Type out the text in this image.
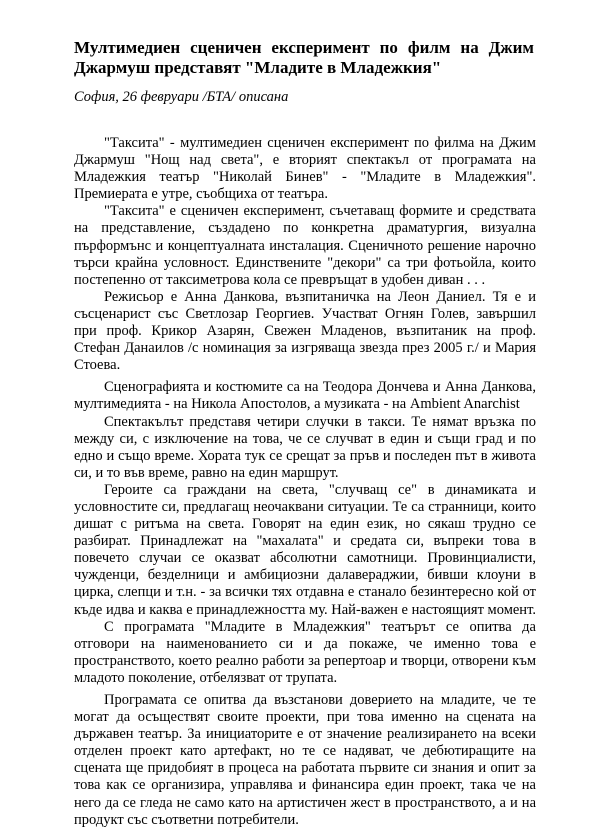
Мултимедиен сценичен експеримент по филм на Джим Джармуш представят "Младите в Младежкия"

София, 26 февруари /БТА/ описана

"Таксита" - мултимедиен сценичен експеримент по филма на Джим Джармуш "Нощ над света", е вторият спектакъл от програмата на Младежкия театър "Николай Бинев" - "Младите в Младежкия". Премиерата е утре, съобщиха от театъра.

"Таксита" е сценичен експеримент, съчетаващ формите и средствата на представление, създадено по конкретна драматургия, визуална пърформънс и концептуалната инсталация. Сценичното решение нарочно търси крайна условност. Единствените "декори" са три фотьойла, които постепенно от таксиметрова кола се превръщат в удобен диван . . .

Режисьор е Анна Данкова, възпитаничка на Леон Даниел. Тя е и съсценарист със Светлозар Георгиев. Участват Огнян Голев, завършил при проф. Крикор Азарян, Свежен Младенов, възпитаник на проф. Стефан Данаилов /с номинация за изгряваща звезда през 2005 г./ и Мария Стоева.

Сценографията и костюмите са на Теодора Дончева и Анна Данкова, мултимедията - на Никола Апостолов, а музиката - на Ambient Anarchist

Спектакълът представя четири случки в такси. Те нямат връзка по между си, с изключение на това, че се случват в един и същи град и по едно и също време. Хората тук се срещат за пръв и последен път в живота си, и то във време, равно на един маршрут.

Героите са граждани на света, "случващ се" в динамиката и условностите си, предлагащ неочаквани ситуации. Те са странници, които дишат с ритъма на света. Говорят на един език, но сякаш трудно се разбират. Принадлежат на "махалата" и средата си, въпреки това в повечето случаи се оказват абсолютни самотници. Провинциалисти, чужденци, безделници и амбициозни далавераджии, бивши клоуни в цирка, слепци и т.н. - за всички тях отдавна е станало безинтересно кой от къде идва и каква е принадлежността му. Най-важен е настоящият момент.

С програмата "Младите в Младежкия" театърът се опитва да отговори на наименованието си и да покаже, че именно това е пространството, което реално работи за репертоар и творци, отворени към младото поколение, отбелязват от трупата.

Програмата се опитва да възстанови доверието на младите, че те могат да осъществят своите проекти, при това именно на сцената на държавен театър. За инициаторите е от значение реализирането на всеки отделен проект като артефакт, но те се надяват, че дебютиращите на сцената ще придобият в процеса на работата първите си знания и опит за това как се организира, управлява и финансира един проект, така че на него да се гледа не само като на артистичен жест в пространството, а и на продукт със съответни потребители.
